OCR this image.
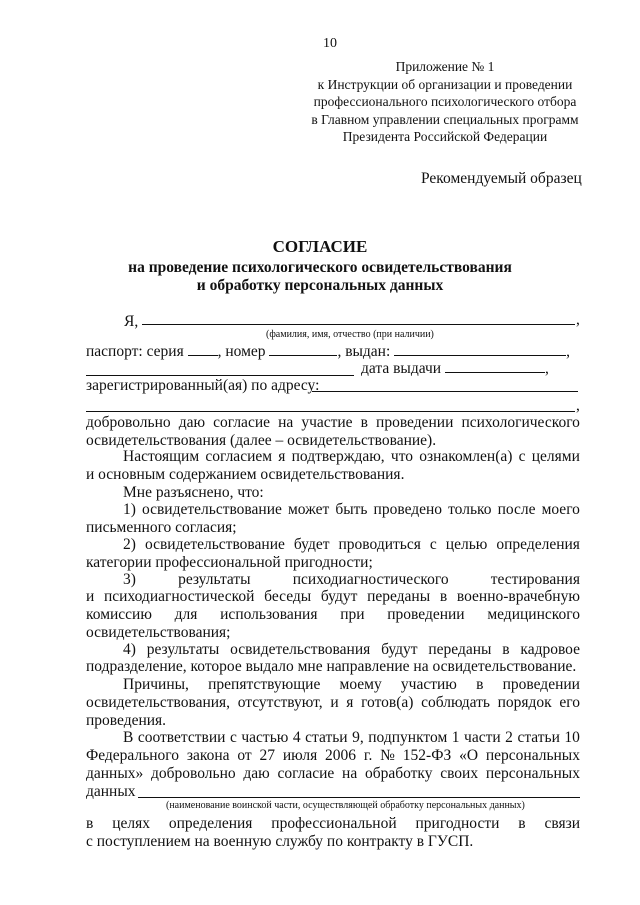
10
Приложение № 1
к Инструкции об организации и проведении
профессионального психологического отбора
в Главном управлении специальных программ
Президента Российской Федерации
Рекомендуемый образец
СОГЛАСИЕ
на проведение психологического освидетельствования
и обработку персональных данных
Я,	,
(фамилия, имя, отчество (при наличии)
паспорт: серия , номер	, выдан:	,
дата выдачи	,
зарегистрированный(ая) по адресу:
,
добровольно даю согласие на участие в проведении психологического
освидетельствования (далее – освидетельствование).
Настоящим согласием я подтверждаю, что ознакомлен(а) с целями
и основным содержанием освидетельствования.
Мне разъяснено, что:
1) освидетельствование может быть проведено только после моего
письменного согласия;
2) освидетельствование будет проводиться с целью определения
категории профессиональной пригодности;
3)	результаты	психодиагностического	тестирования
и психодиагностической беседы будут переданы в военно-врачебную
комиссию для использования при проведении медицинского
освидетельствования;
4) результаты освидетельствования будут переданы в кадровое
подразделение, которое выдало мне направление на освидетельствование.
Причины, препятствующие моему участию в проведении
освидетельствования, отсутствуют, и я готов(а) соблюдать порядок его
проведения.
В соответствии с частью 4 статьи 9, подпунктом 1 части 2 статьи 10
Федерального закона от 27 июля 2006 г. № 152-ФЗ «О персональных
данных» добровольно даю согласие на обработку своих персональных
данных
(наименование воинской части, осуществляющей обработку персональных данных)
в целях определения профессиональной пригодности в связи
с поступлением на военную службу по контракту в ГУСП.
